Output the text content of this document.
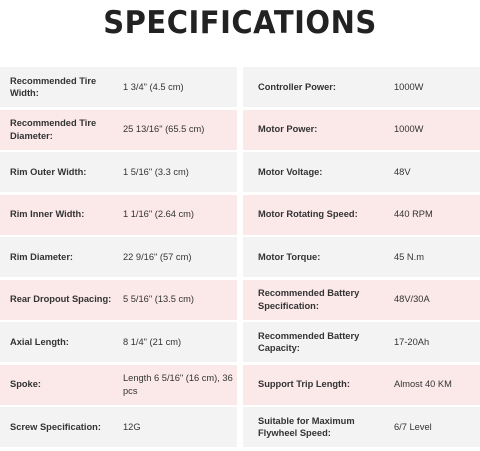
SPECIFICATIONS
Recommended Tire Width:
1 3/4" (4.5 cm)
Recommended Tire Diameter:
25 13/16" (65.5 cm)
Rim Outer Width:	1 5/16" (3.3 cm)
Rim Inner Width:	1 1/16" (2.64 cm)
Rim Diameter:	22 9/16" (57 cm)
Rear Dropout Spacing:	5 5/16" (13.5 cm)
Axial Length:	8 1/4" (21 cm)
Spoke:
Length 6 5/16" (16 cm), 36 pcs
Screw Specification:	12G
Controller Power:	1000W
Motor Power:	1000W
Motor Voltage:	48V
Motor Rotating Speed:	440 RPM
Motor Torque:	45 N.m
Recommended Battery Specification:
48V/30A
Recommended Battery Capacity:
17-20Ah
Support Trip Length:	Almost 40 KM
Suitable for Maximum Flywheel Speed:
6/7 Level
